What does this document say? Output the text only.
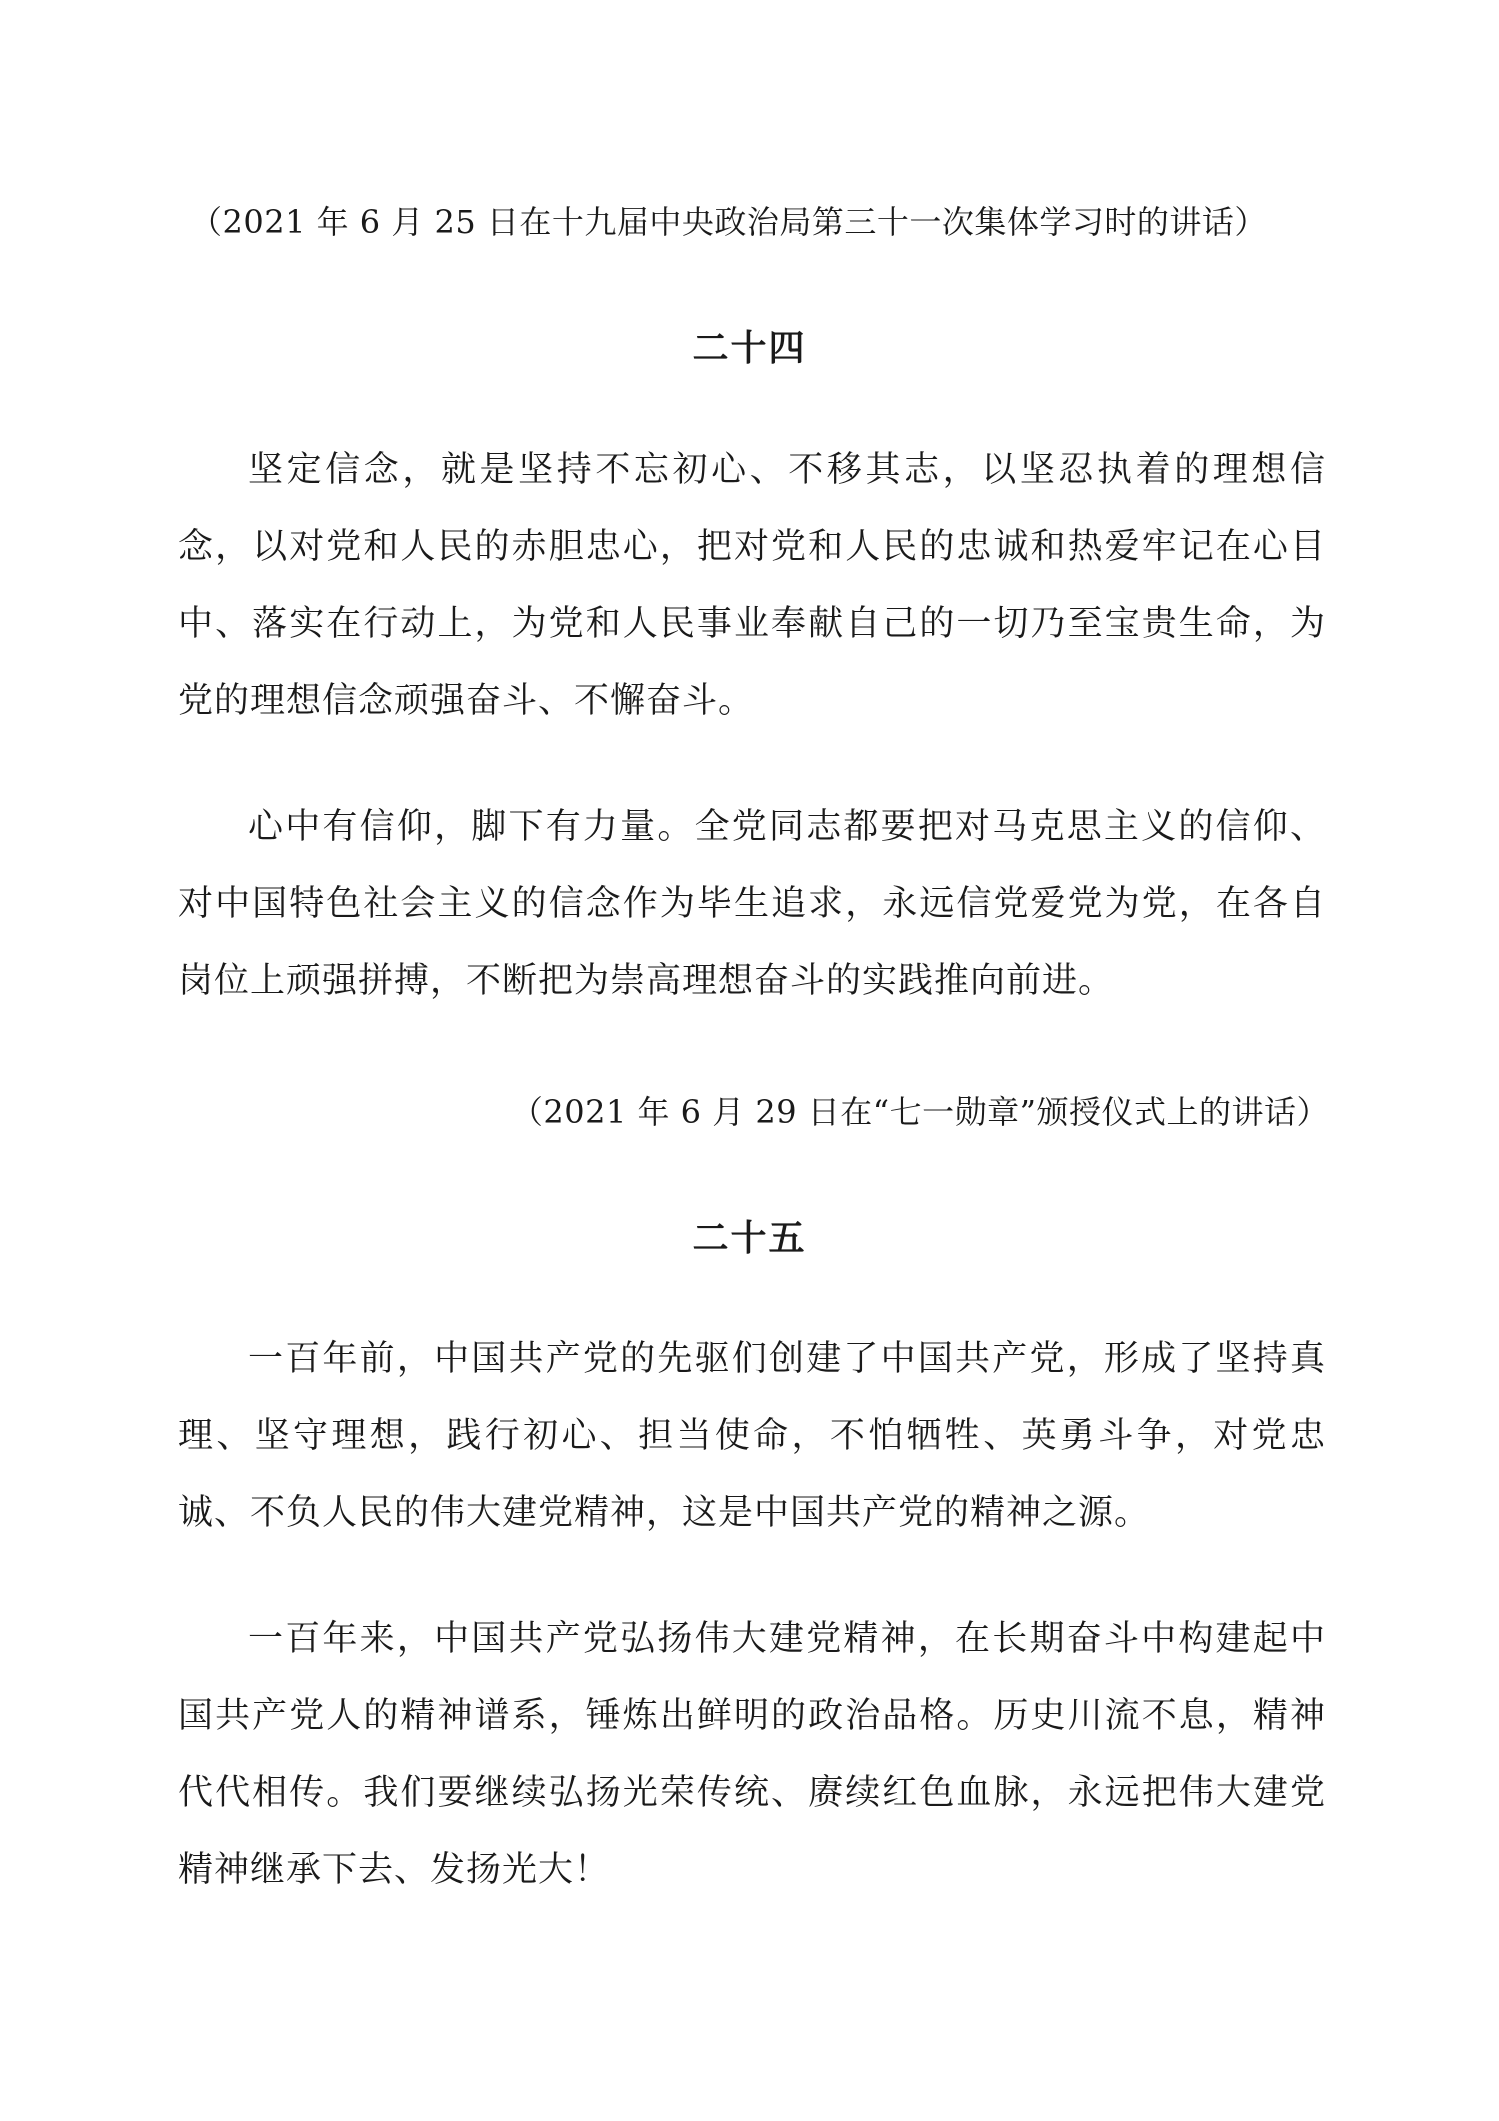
（2021 年 6 月 25 日在十九届中央政治局第三十一次集体学习时的讲话）
二十四

坚定信念，就是坚持不忘初心、不移其志，以坚忍执着的理想信念，以对党和人民的赤胆忠心，把对党和人民的忠诚和热爱牢记在心目中、落实在行动上，为党和人民事业奉献自己的一切乃至宝贵生命，为党的理想信念顽强奋斗、不懈奋斗。

心中有信仰，脚下有力量。全党同志都要把对马克思主义的信仰、对中国特色社会主义的信念作为毕生追求，永远信党爱党为党，在各自岗位上顽强拼搏，不断把为崇高理想奋斗的实践推向前进。

（2021 年 6 月 29 日在“七一勋章”颁授仪式上的讲话）
二十五

一百年前，中国共产党的先驱们创建了中国共产党，形成了坚持真理、坚守理想，践行初心、担当使命，不怕牺牲、英勇斗争，对党忠诚、不负人民的伟大建党精神，这是中国共产党的精神之源。

一百年来，中国共产党弘扬伟大建党精神，在长期奋斗中构建起中国共产党人的精神谱系，锤炼出鲜明的政治品格。历史川流不息，精神代代相传。我们要继续弘扬光荣传统、赓续红色血脉，永远把伟大建党精神继承下去、发扬光大！
